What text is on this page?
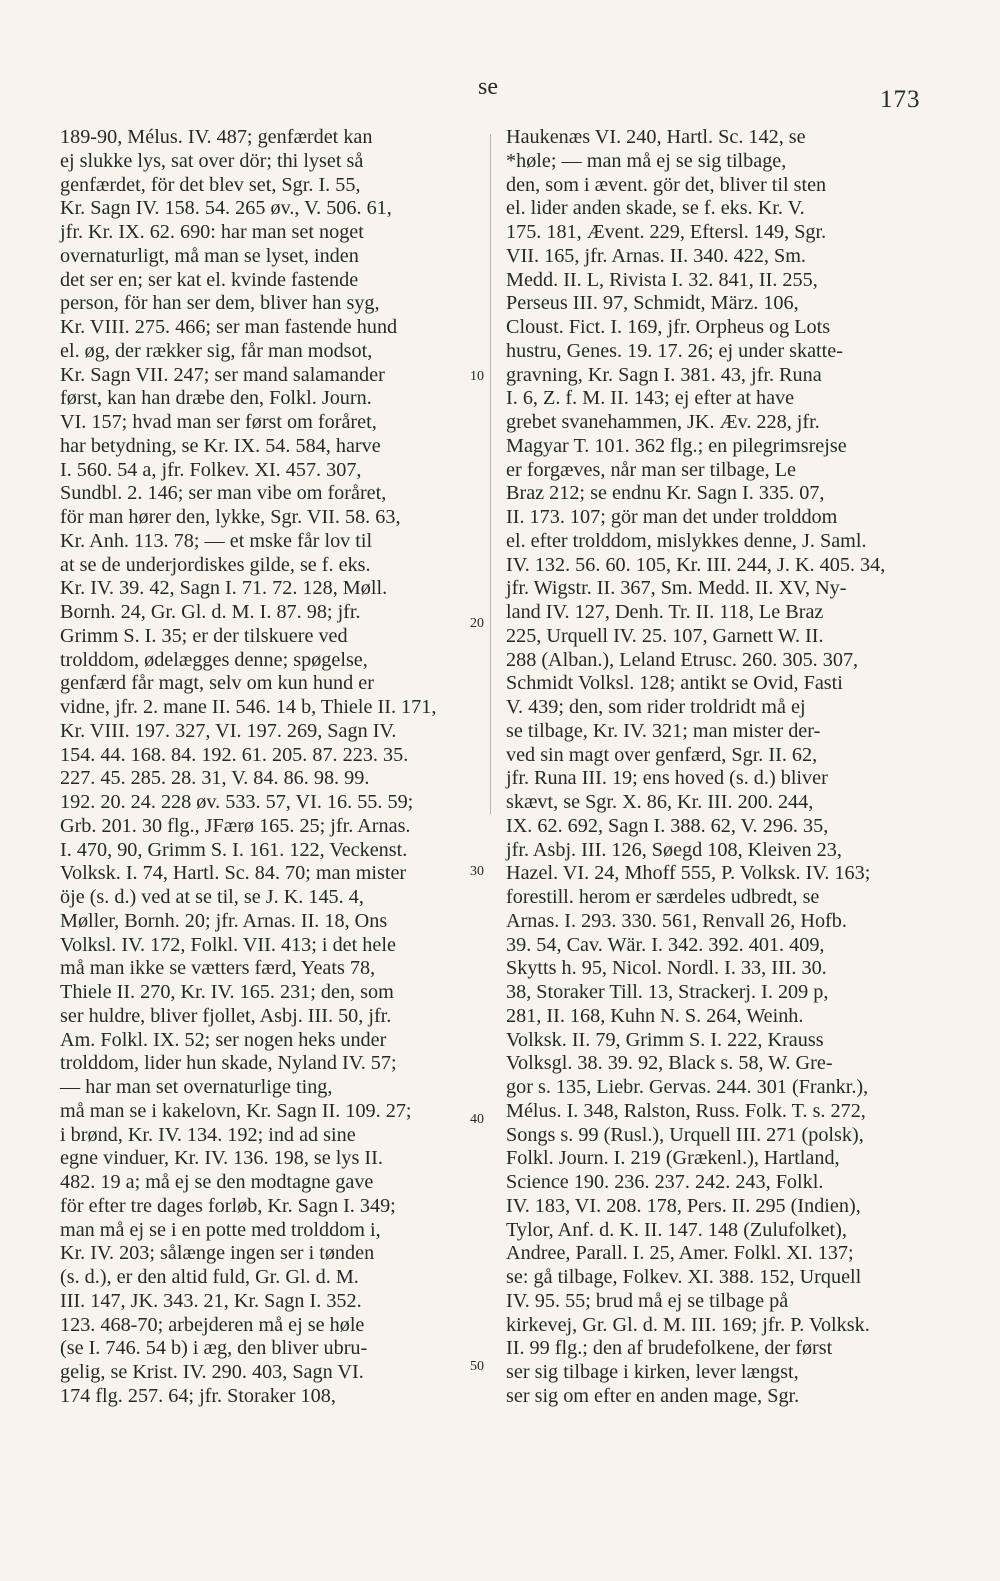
se	173
10
20
30
40
50
189-90, Mélus. IV. 487; genfærdet kan
ej slukke lys, sat over dör; thi lyset så
genfærdet, för det blev set, Sgr. I. 55,
Kr. Sagn IV. 158. 54. 265 øv., V. 506. 61,
jfr. Kr. IX. 62. 690: har man set noget
overnaturligt, må man se lyset, inden
det ser en; ser kat el. kvinde fastende
person, för han ser dem, bliver han syg,
Kr. VIII. 275. 466; ser man fastende hund
el. øg, der rækker sig, får man modsot,
Kr. Sagn VII. 247; ser mand salamander
først, kan han dræbe den, Folkl. Journ.
VI. 157; hvad man ser først om foråret,
har betydning, se Kr. IX. 54. 584, harve
I. 560. 54 a, jfr. Folkev. XI. 457. 307,
Sundbl. 2. 146; ser man vibe om foråret,
för man hører den, lykke, Sgr. VII. 58. 63,
Kr. Anh. 113. 78; — et mske får lov til
at se de underjordiskes gilde, se f. eks.
Kr. IV. 39. 42, Sagn I. 71. 72. 128, Møll.
Bornh. 24, Gr. Gl. d. M. I. 87. 98; jfr.
Grimm S. I. 35; er der tilskuere ved
trolddom, ødelægges denne; spøgelse,
genfærd får magt, selv om kun hund er
vidne, jfr. 2. mane II. 546. 14 b, Thiele II. 171,
Kr. VIII. 197. 327, VI. 197. 269, Sagn IV.
154. 44. 168. 84. 192. 61. 205. 87. 223. 35.
227. 45. 285. 28. 31, V. 84. 86. 98. 99.
192. 20. 24. 228 øv. 533. 57, VI. 16. 55. 59;
Grb. 201. 30 flg., JFærø 165. 25; jfr. Arnas.
I. 470, 90, Grimm S. I. 161. 122, Veckenst.
Volksk. I. 74, Hartl. Sc. 84. 70; man mister
öje (s. d.) ved at se til, se J. K. 145. 4,
Møller, Bornh. 20; jfr. Arnas. II. 18, Ons
Volksl. IV. 172, Folkl. VII. 413; i det hele
må man ikke se vætters færd, Yeats 78,
Thiele II. 270, Kr. IV. 165. 231; den, som
ser huldre, bliver fjollet, Asbj. III. 50, jfr.
Am. Folkl. IX. 52; ser nogen heks under
trolddom, lider hun skade, Nyland IV. 57;
— har man set overnaturlige ting,
må man se i kakelovn, Kr. Sagn II. 109. 27;
i brønd, Kr. IV. 134. 192; ind ad sine
egne vinduer, Kr. IV. 136. 198, se lys II.
482. 19 a; må ej se den modtagne gave
för efter tre dages forløb, Kr. Sagn I. 349;
man må ej se i en potte med trolddom i,
Kr. IV. 203; sålænge ingen ser i tønden
(s. d.), er den altid fuld, Gr. Gl. d. M.
III. 147, JK. 343. 21, Kr. Sagn I. 352.
123. 468-70; arbejderen må ej se høle
(se I. 746. 54 b) i æg, den bliver ubru-
gelig, se Krist. IV. 290. 403, Sagn VI.
174 flg. 257. 64; jfr. Storaker 108,
Haukenæs VI. 240, Hartl. Sc. 142, se
*høle; — man må ej se sig tilbage,
den, som i ævent. gör det, bliver til sten
el. lider anden skade, se f. eks. Kr. V.
175. 181, Ævent. 229, Eftersl. 149, Sgr.
VII. 165, jfr. Arnas. II. 340. 422, Sm.
Medd. II. L, Rivista I. 32. 841, II. 255,
Perseus III. 97, Schmidt, März. 106,
Cloust. Fict. I. 169, jfr. Orpheus og Lots
hustru, Genes. 19. 17. 26; ej under skatte-
gravning, Kr. Sagn I. 381. 43, jfr. Runa
I. 6, Z. f. M. II. 143; ej efter at have
grebet svanehammen, JK. Æv. 228, jfr.
Magyar T. 101. 362 flg.; en pilegrimsrejse
er forgæves, når man ser tilbage, Le
Braz 212; se endnu Kr. Sagn I. 335. 07,
II. 173. 107; gör man det under trolddom
el. efter trolddom, mislykkes denne, J. Saml.
IV. 132. 56. 60. 105, Kr. III. 244, J. K. 405. 34,
jfr. Wigstr. II. 367, Sm. Medd. II. XV, Ny-
land IV. 127, Denh. Tr. II. 118, Le Braz
225, Urquell IV. 25. 107, Garnett W. II.
288 (Alban.), Leland Etrusc. 260. 305. 307,
Schmidt Volksl. 128; antikt se Ovid, Fasti
V. 439; den, som rider troldridt må ej
se tilbage, Kr. IV. 321; man mister der-
ved sin magt over genfærd, Sgr. II. 62,
jfr. Runa III. 19; ens hoved (s. d.) bliver
skævt, se Sgr. X. 86, Kr. III. 200. 244,
IX. 62. 692, Sagn I. 388. 62, V. 296. 35,
jfr. Asbj. III. 126, Søegd 108, Kleiven 23,
Hazel. VI. 24, Mhoff 555, P. Volksk. IV. 163;
forestill. herom er særdeles udbredt, se
Arnas. I. 293. 330. 561, Renvall 26, Hofb.
39. 54, Cav. Wär. I. 342. 392. 401. 409,
Skytts h. 95, Nicol. Nordl. I. 33, III. 30.
38, Storaker Till. 13, Strackerj. I. 209 p,
281, II. 168, Kuhn N. S. 264, Weinh.
Volksk. II. 79, Grimm S. I. 222, Krauss
Volksgl. 38. 39. 92, Black s. 58, W. Gre-
gor s. 135, Liebr. Gervas. 244. 301 (Frankr.),
Mélus. I. 348, Ralston, Russ. Folk. T. s. 272,
Songs s. 99 (Rusl.), Urquell III. 271 (polsk),
Folkl. Journ. I. 219 (Grækenl.), Hartland,
Science 190. 236. 237. 242. 243, Folkl.
IV. 183, VI. 208. 178, Pers. II. 295 (Indien),
Tylor, Anf. d. K. II. 147. 148 (Zulufolket),
Andree, Parall. I. 25, Amer. Folkl. XI. 137;
se: gå tilbage, Folkev. XI. 388. 152, Urquell
IV. 95. 55; brud må ej se tilbage på
kirkevej, Gr. Gl. d. M. III. 169; jfr. P. Volksk.
II. 99 flg.; den af brudefolkene, der først
ser sig tilbage i kirken, lever længst,
ser sig om efter en anden mage, Sgr.
